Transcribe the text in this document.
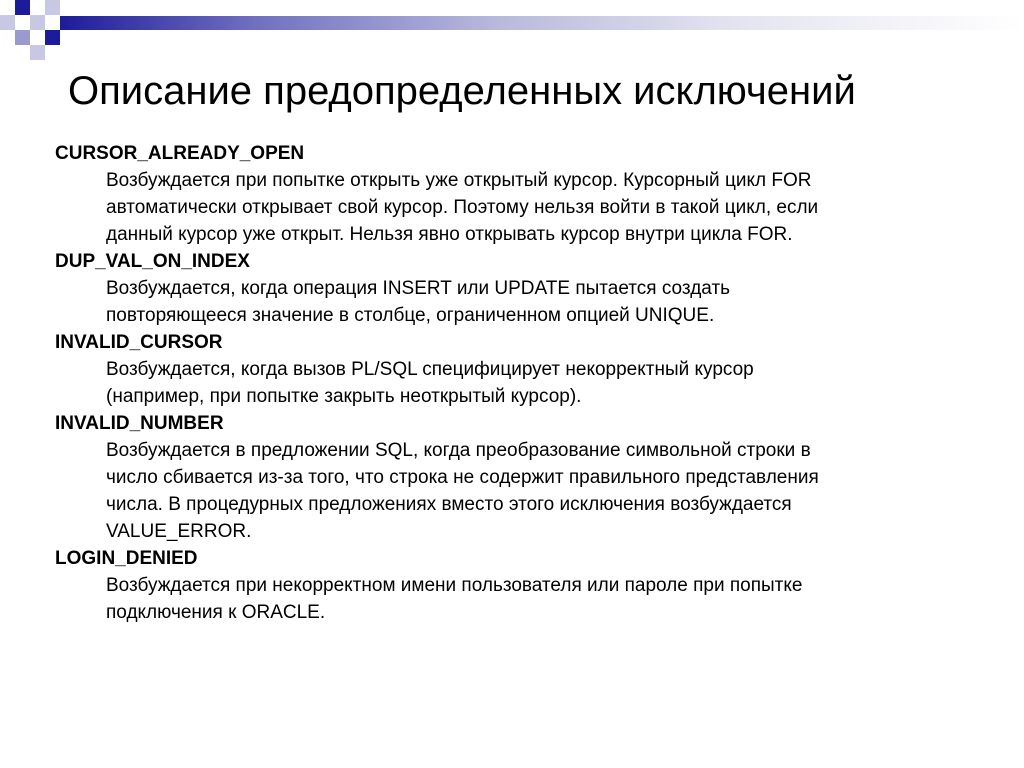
Описание предопределенных исключений
CURSOR_ALREADY_OPEN
Возбуждается при попытке открыть уже открытый курсор. Курсорный цикл FOR
автоматически открывает свой курсор. Поэтому нельзя войти в такой цикл, если
данный курсор уже открыт. Нельзя явно открывать курсор внутри цикла FOR.
DUP_VAL_ON_INDEX
Возбуждается, когда операция INSERT или UPDATE пытается создать
повторяющееся значение в столбце, ограниченном опцией UNIQUE.
INVALID_CURSOR
Возбуждается, когда вызов PL/SQL специфицирует некорректный курсор
(например, при попытке закрыть неоткрытый курсор).
INVALID_NUMBER
Возбуждается в предложении SQL, когда преобразование символьной строки в
число сбивается из-за того, что строка не содержит правильного представления
числа. В процедурных предложениях вместо этого исключения возбуждается
VALUE_ERROR.
LOGIN_DENIED
Возбуждается при некорректном имени пользователя или пароле при попытке
подключения к ORACLE.
